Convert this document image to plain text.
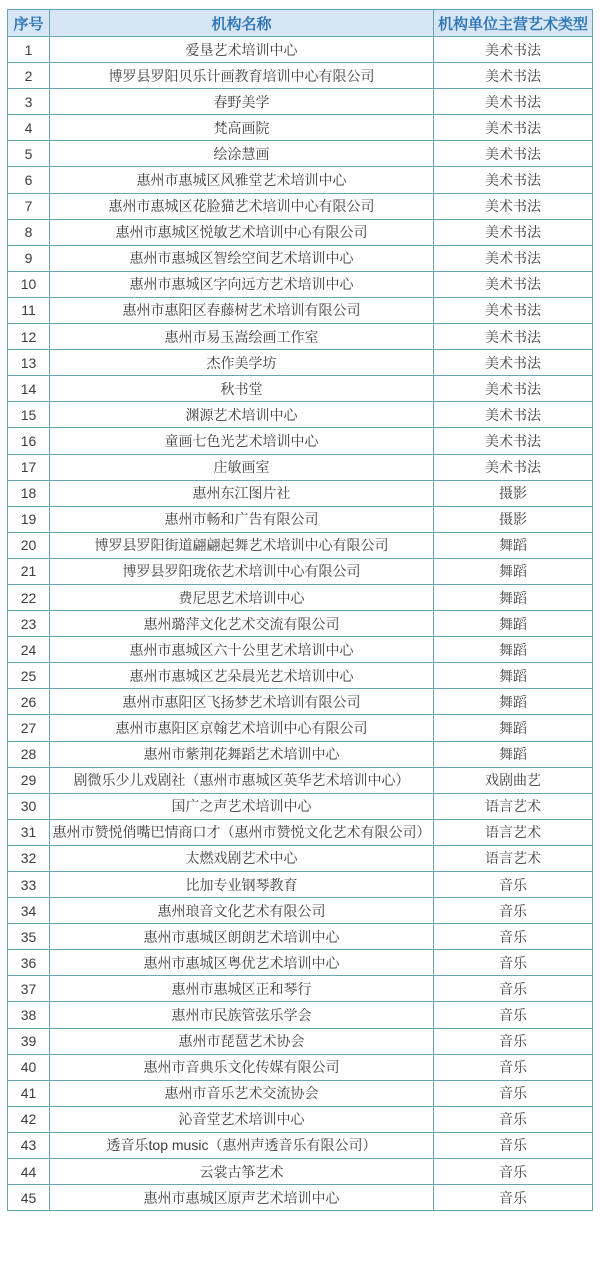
序号	机构名称	机构单位主营艺术类型
1	爱垦艺术培训中心	美术书法
2	博罗县罗阳贝乐计画教育培训中心有限公司	美术书法
3	春野美学	美术书法
4	梵高画院	美术书法
5	绘涂慧画	美术书法
6	惠州市惠城区风雅堂艺术培训中心	美术书法
7	惠州市惠城区花脸猫艺术培训中心有限公司	美术书法
8	惠州市惠城区悦敏艺术培训中心有限公司	美术书法
9	惠州市惠城区智绘空间艺术培训中心	美术书法
10	惠州市惠城区字向远方艺术培训中心	美术书法
11	惠州市惠阳区春藤树艺术培训有限公司	美术书法
12	惠州市易玉嵩绘画工作室	美术书法
13	杰作美学坊	美术书法
14	秋书堂	美术书法
15	渊源艺术培训中心	美术书法
16	童画七色光艺术培训中心	美术书法
17	庄敏画室	美术书法
18	惠州东江图片社	摄影
19	惠州市畅和广告有限公司	摄影
20	博罗县罗阳街道翩翩起舞艺术培训中心有限公司	舞蹈
21	博罗县罗阳珑依艺术培训中心有限公司	舞蹈
22	费尼思艺术培训中心	舞蹈
23	惠州璐萍文化艺术交流有限公司	舞蹈
24	惠州市惠城区六十公里艺术培训中心	舞蹈
25	惠州市惠城区艺朵晨光艺术培训中心	舞蹈
26	惠州市惠阳区飞扬梦艺术培训有限公司	舞蹈
27	惠州市惠阳区京翰艺术培训中心有限公司	舞蹈
28	惠州市紫荆花舞蹈艺术培训中心	舞蹈
29	剧微乐少儿戏剧社（惠州市惠城区英华艺术培训中心）	戏剧曲艺
30	国广之声艺术培训中心	语言艺术
31	惠州市赞悦俏嘴巴情商口才（惠州市赞悦文化艺术有限公司）	语言艺术
32	太燃戏剧艺术中心	语言艺术
33	比加专业钢琴教育	音乐
34	惠州琅音文化艺术有限公司	音乐
35	惠州市惠城区朗朗艺术培训中心	音乐
36	惠州市惠城区粤优艺术培训中心	音乐
37	惠州市惠城区正和琴行	音乐
38	惠州市民族管弦乐学会	音乐
39	惠州市琵琶艺术协会	音乐
40	惠州市音典乐文化传媒有限公司	音乐
41	惠州市音乐艺术交流协会	音乐
42	沁音堂艺术培训中心	音乐
43	透音乐top music（惠州声透音乐有限公司）	音乐
44	云裳古筝艺术	音乐
45	惠州市惠城区原声艺术培训中心	音乐
